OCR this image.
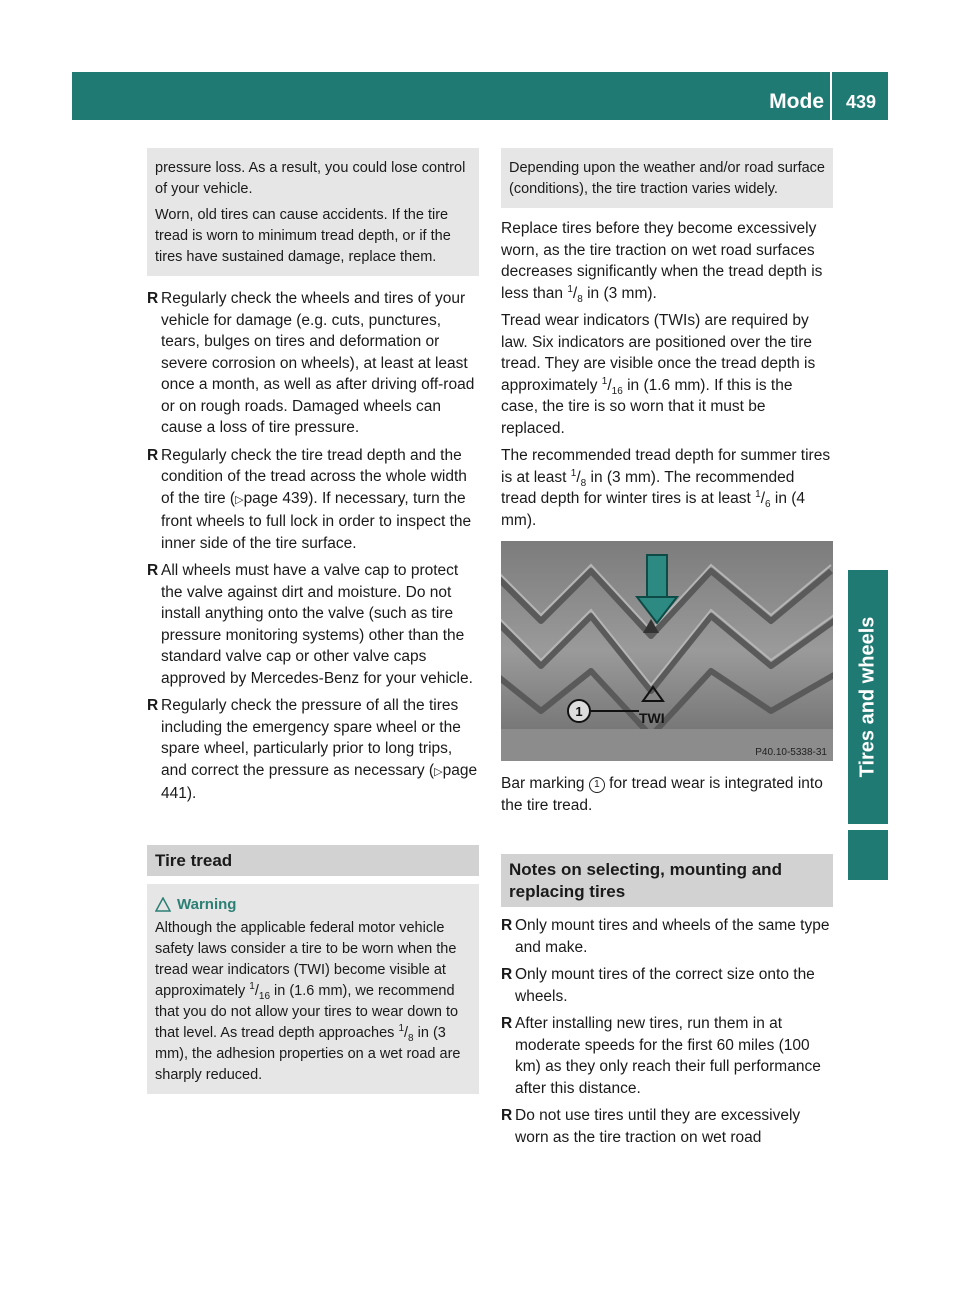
Mode	439
Tires and wheels

pressure loss. As a result, you could lose control of your vehicle.

Worn, old tires can cause accidents. If the tire tread is worn to minimum tread depth, or if the tires have sustained damage, replace them.

R Regularly check the wheels and tires of your vehicle for damage (e.g. cuts, punctures, tears, bulges on tires and deformation or severe corrosion on wheels), at least at least once a month, as well as after driving off-road or on rough roads. Damaged wheels can cause a loss of tire pressure.
R Regularly check the tire tread depth and the condition of the tread across the whole width of the tire (▷page 439). If necessary, turn the front wheels to full lock in order to inspect the inner side of the tire surface.
R All wheels must have a valve cap to protect the valve against dirt and moisture. Do not install anything onto the valve (such as tire pressure monitoring systems) other than the standard valve cap or other valve caps approved by Mercedes-Benz for your vehicle.
R Regularly check the pressure of all the tires including the emergency spare wheel or the spare wheel, particularly prior to long trips, and correct the pressure as necessary (▷page 441).
Tire tread
Warning

Although the applicable federal motor vehicle safety laws consider a tire to be worn when the tread wear indicators (TWI) become visible at approximately $^1/_{16}$ in (1.6 mm), we recommend that you do not allow your tires to wear down to that level. As tread depth approaches $^1/_8$ in (3 mm), the adhesion properties on a wet road are sharply reduced.

Depending upon the weather and/or road surface (conditions), the tire traction varies widely.

Replace tires before they become excessively worn, as the tire traction on wet road surfaces decreases significantly when the tread depth is less than $^1/_8$ in (3 mm).

Tread wear indicators (TWIs) are required by law. Six indicators are positioned over the tire tread. They are visible once the tread depth is approximately $^1/_{16}$ in (1.6 mm). If this is the case, the tire is so worn that it must be replaced.

The recommended tread depth for summer tires is at least $^1/_8$ in (3 mm). The recommended tread depth for winter tires is at least $^1/_6$ in (4 mm).

1	TWI
P40.10-5338-31

Bar marking 1 for tread wear is integrated into the tire tread.

Notes on selecting, mounting and replacing tires
R Only mount tires and wheels of the same type and make.
R Only mount tires of the correct size onto the wheels.
R After installing new tires, run them in at moderate speeds for the first 60 miles (100 km) as they only reach their full performance after this distance.
R Do not use tires until they are excessively worn as the tire traction on wet road
